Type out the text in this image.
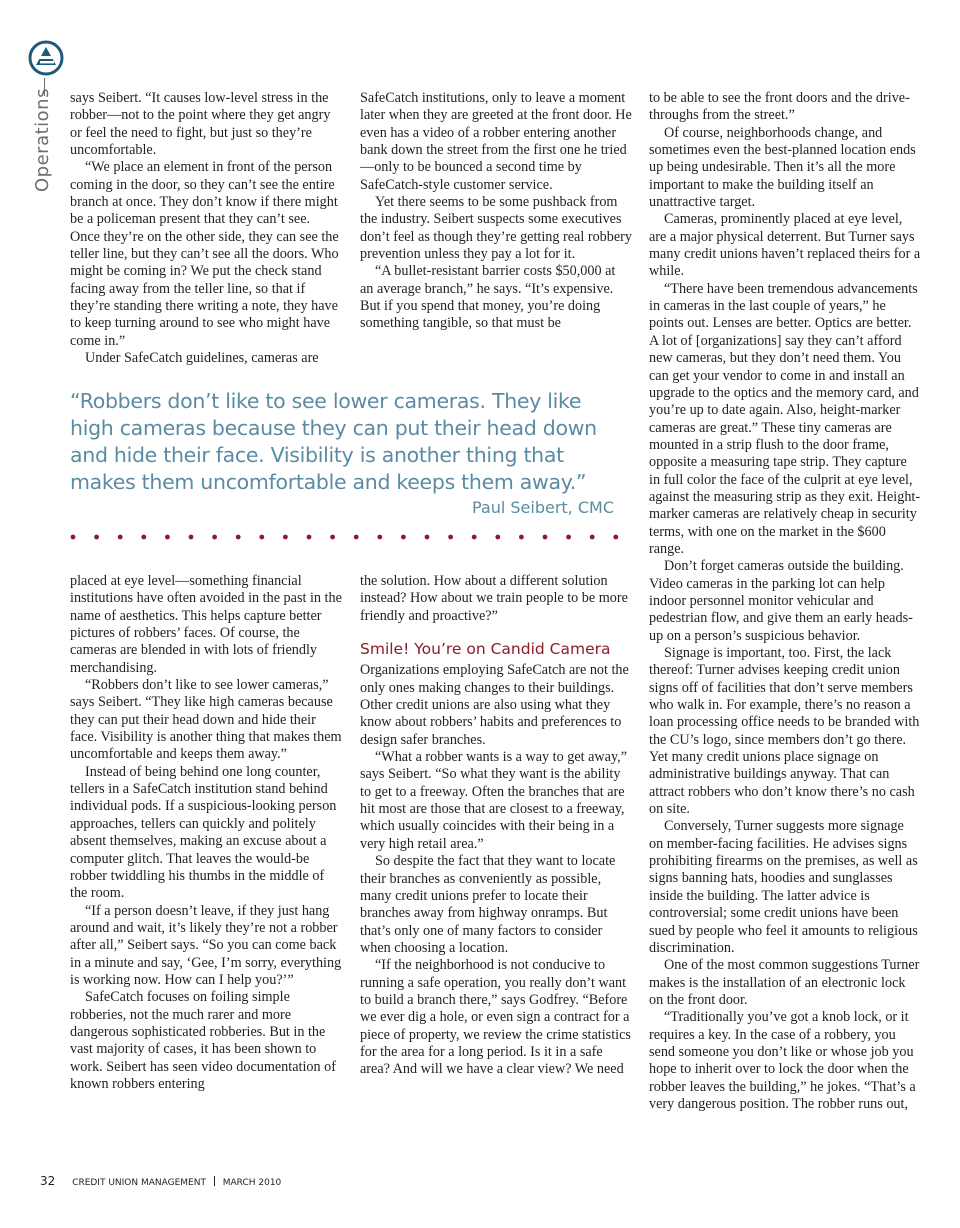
Operations says Seibert. “It causes low-level stress in the robber—not to the point where they get angry or feel the need to fight, but just so they’re uncomfortable.

“We place an element in front of the person coming in the door, so they can’t see the entire branch at once. They don’t know if there might be a policeman present that they can’t see. Once they’re on the other side, they can see the teller line, but they can’t see all the doors. Who might be coming in? We put the check stand facing away from the teller line, so that if they’re standing there writing a note, they have to keep turning around to see who might have come in.”

Under SafeCatch guidelines, cameras are

SafeCatch institutions, only to leave a moment later when they are greeted at the front door. He even has a video of a robber entering another bank down the street from the first one he tried—only to be bounced a second time by SafeCatch-style customer service.

Yet there seems to be some pushback from the industry. Seibert suspects some executives don’t feel as though they’re getting real robbery prevention unless they pay a lot for it.

“A bullet-resistant barrier costs $50,000 at an average branch,” he says. “It’s expensive. But if you spend that money, you’re doing something tangible, so that must be

“Robbers don’t like to see lower cameras. They like high cameras because they can put their head down and hide their face. Visibility is another thing that makes them uncomfortable and keeps them away.”
Paul Seibert, CMC

placed at eye level—something financial institutions have often avoided in the past in the name of aesthetics. This helps capture better pictures of robbers’ faces. Of course, the cameras are blended in with lots of friendly merchandising.

“Robbers don’t like to see lower cameras,” says Seibert. “They like high cameras because they can put their head down and hide their face. Visibility is another thing that makes them uncomfortable and keeps them away.”

Instead of being behind one long counter, tellers in a SafeCatch institution stand behind individual pods. If a suspicious-looking person approaches, tellers can quickly and politely absent themselves, making an excuse about a computer glitch. That leaves the would-be robber twiddling his thumbs in the middle of the room.

“If a person doesn’t leave, if they just hang around and wait, it’s likely they’re not a robber after all,” Seibert says. “So you can come back in a minute and say, ‘Gee, I’m sorry, everything is working now. How can I help you?’”

SafeCatch focuses on foiling simple robberies, not the much rarer and more dangerous sophisticated robberies. But in the vast majority of cases, it has been shown to work. Seibert has seen video documentation of known robbers entering

the solution. How about a different solution instead? How about we train people to be more friendly and proactive?”

Smile! You’re on Candid Camera

Organizations employing SafeCatch are not the only ones making changes to their buildings. Other credit unions are also using what they know about robbers’ habits and preferences to design safer branches.

“What a robber wants is a way to get away,” says Seibert. “So what they want is the ability to get to a freeway. Often the branches that are hit most are those that are closest to a freeway, which usually coincides with their being in a very high retail area.”

So despite the fact that they want to locate their branches as conveniently as possible, many credit unions prefer to locate their branches away from highway onramps. But that’s only one of many factors to consider when choosing a location.

“If the neighborhood is not conducive to running a safe operation, you really don’t want to build a branch there,” says Godfrey. “Before we ever dig a hole, or even sign a contract for a piece of property, we review the crime statistics for the area for a long period. Is it in a safe area? And will we have a clear view? We need

to be able to see the front doors and the drive-throughs from the street.”

Of course, neighborhoods change, and sometimes even the best-planned location ends up being undesirable. Then it’s all the more important to make the building itself an unattractive target.

Cameras, prominently placed at eye level, are a major physical deterrent. But Turner says many credit unions haven’t replaced theirs for a while.

“There have been tremendous advancements in cameras in the last couple of years,” he points out. Lenses are better. Optics are better. A lot of [organizations] say they can’t afford new cameras, but they don’t need them. You can get your vendor to come in and install an upgrade to the optics and the memory card, and you’re up to date again. Also, height-marker cameras are great.” These tiny cameras are mounted in a strip flush to the door frame, opposite a measuring tape strip. They capture in full color the face of the culprit at eye level, against the measuring strip as they exit. Height-marker cameras are relatively cheap in security terms, with one on the market in the $600 range.

Don’t forget cameras outside the building. Video cameras in the parking lot can help indoor personnel monitor vehicular and pedestrian flow, and give them an early heads-up on a person’s suspicious behavior.

Signage is important, too. First, the lack thereof: Turner advises keeping credit union signs off of facilities that don’t serve members who walk in. For example, there’s no reason a loan processing office needs to be branded with the CU’s logo, since members don’t go there. Yet many credit unions place signage on administrative buildings anyway. That can attract robbers who don’t know there’s no cash on site.

Conversely, Turner suggests more signage on member-facing facilities. He advises signs prohibiting firearms on the premises, as well as signs banning hats, hoodies and sunglasses inside the building. The latter advice is controversial; some credit unions have been sued by people who feel it amounts to religious discrimination.

One of the most common suggestions Turner makes is the installation of an electronic lock on the front door.

“Traditionally you’ve got a knob lock, or it requires a key. In the case of a robbery, you send someone you don’t like or whose job you hope to inherit over to lock the door when the robber leaves the building,” he jokes. “That’s a very dangerous position. The robber runs out,

32 CREDIT UNION MANAGEMENT MARCH 2010
